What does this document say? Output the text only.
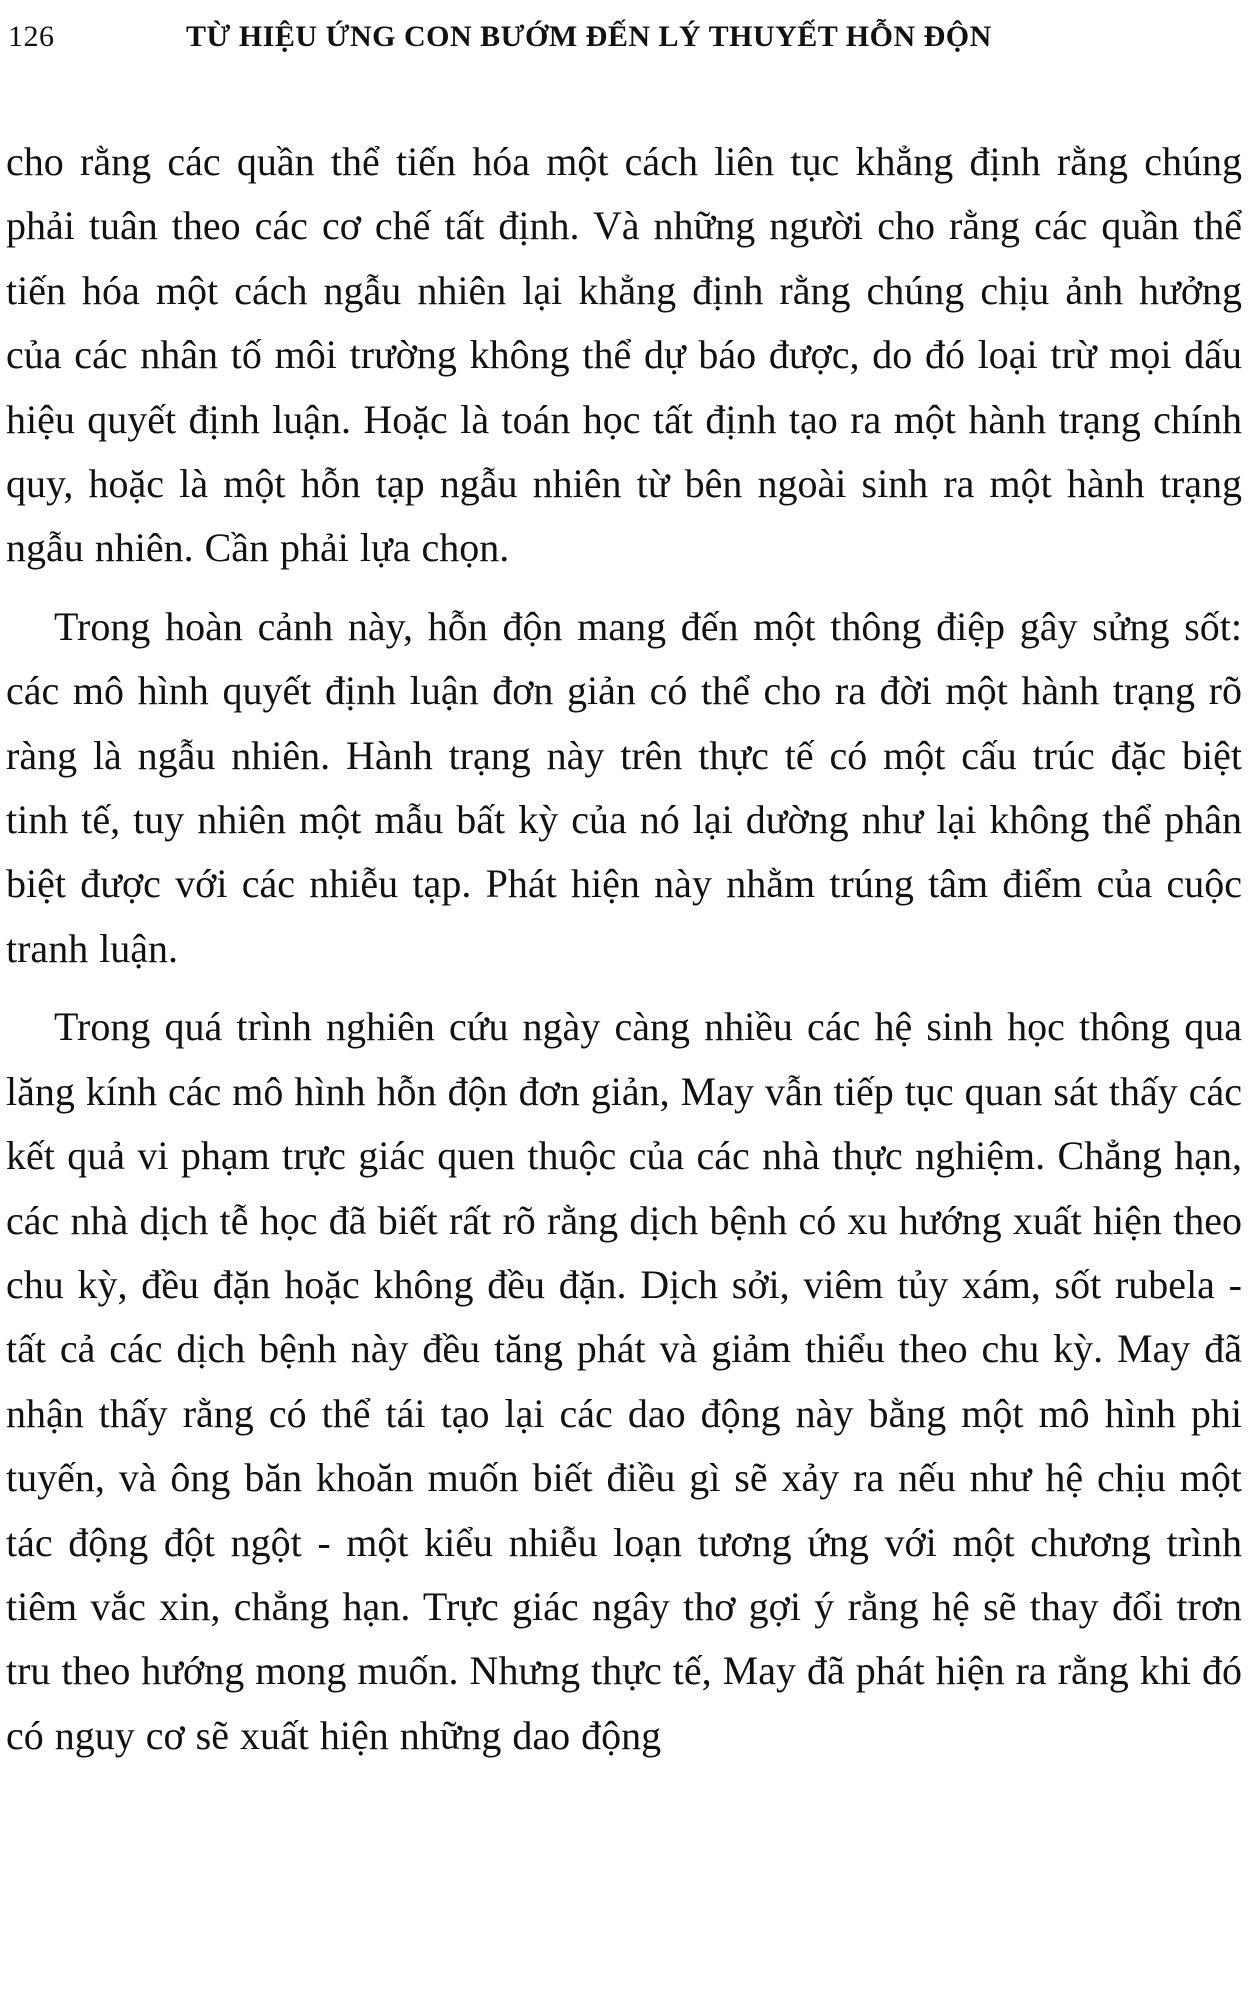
126	TỪ HIỆU ỨNG CON BƯỚM ĐẾN LÝ THUYẾT HỖN ĐỘN

cho rằng các quần thể tiến hóa một cách liên tục khẳng định rằng chúng phải tuân theo các cơ chế tất định. Và những người cho rằng các quần thể tiến hóa một cách ngẫu nhiên lại khẳng định rằng chúng chịu ảnh hưởng của các nhân tố môi trường không thể dự báo được, do đó loại trừ mọi dấu hiệu quyết định luận. Hoặc là toán học tất định tạo ra một hành trạng chính quy, hoặc là một hỗn tạp ngẫu nhiên từ bên ngoài sinh ra một hành trạng ngẫu nhiên. Cần phải lựa chọn.

Trong hoàn cảnh này, hỗn độn mang đến một thông điệp gây sửng sốt: các mô hình quyết định luận đơn giản có thể cho ra đời một hành trạng rõ ràng là ngẫu nhiên. Hành trạng này trên thực tế có một cấu trúc đặc biệt tinh tế, tuy nhiên một mẫu bất kỳ của nó lại dường như lại không thể phân biệt được với các nhiễu tạp. Phát hiện này nhằm trúng tâm điểm của cuộc tranh luận.

Trong quá trình nghiên cứu ngày càng nhiều các hệ sinh học thông qua lăng kính các mô hình hỗn độn đơn giản, May vẫn tiếp tục quan sát thấy các kết quả vi phạm trực giác quen thuộc của các nhà thực nghiệm. Chẳng hạn, các nhà dịch tễ học đã biết rất rõ rằng dịch bệnh có xu hướng xuất hiện theo chu kỳ, đều đặn hoặc không đều đặn. Dịch sởi, viêm tủy xám, sốt rubela - tất cả các dịch bệnh này đều tăng phát và giảm thiểu theo chu kỳ. May đã nhận thấy rằng có thể tái tạo lại các dao động này bằng một mô hình phi tuyến, và ông băn khoăn muốn biết điều gì sẽ xảy ra nếu như hệ chịu một tác động đột ngột - một kiểu nhiễu loạn tương ứng với một chương trình tiêm vắc xin, chẳng hạn. Trực giác ngây thơ gợi ý rằng hệ sẽ thay đổi trơn tru theo hướng mong muốn. Nhưng thực tế, May đã phát hiện ra rằng khi đó có nguy cơ sẽ xuất hiện những dao động
